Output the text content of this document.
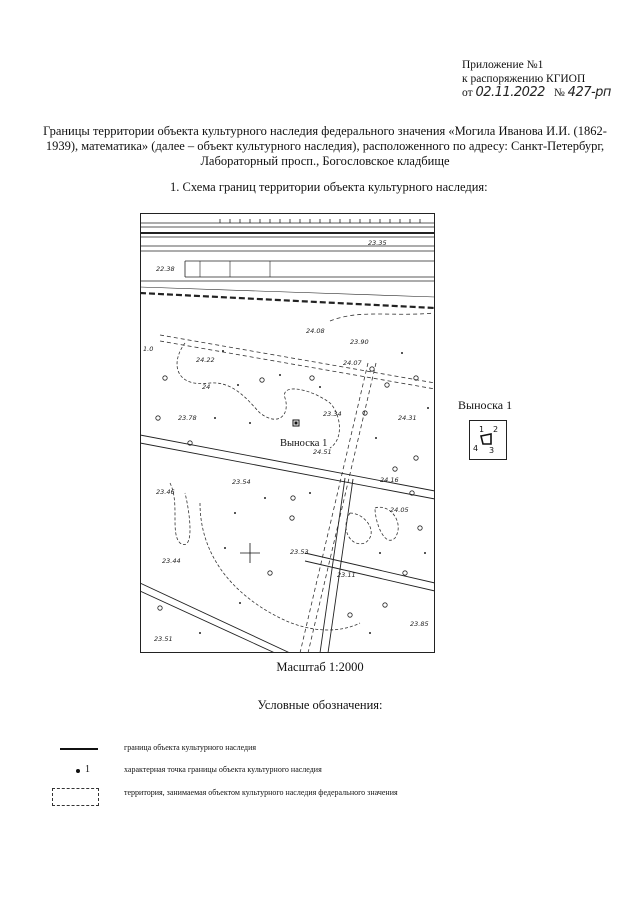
Приложение №1
к распоряжению КГИОП
от 02.11.2022 № 427-рп
Границы территории объекта культурного наследия федерального значения «Могила Иванова И.И. (1862-1939), математика» (далее – объект культурного наследия), расположенного по адресу: Санкт-Петербург, Лабораторный просп., Богословское кладбище
1. Схема границ территории объекта культурного наследия:
23.35
22.38
24.08
23.90
24.22	24.07
23.78	23.34	24.31
24.51
23.46
23.54	24.16
24.05
23.53
23.44
23.11
23.85
23.51
1.0
24
Выноска 1
Выноска 1
1 2
3
4
Масштаб 1:2000
Условные обозначения:
граница объекта культурного наследия
1	характерная точка границы объекта культурного наследия
территория, занимаемая объектом культурного наследия федерального значения
